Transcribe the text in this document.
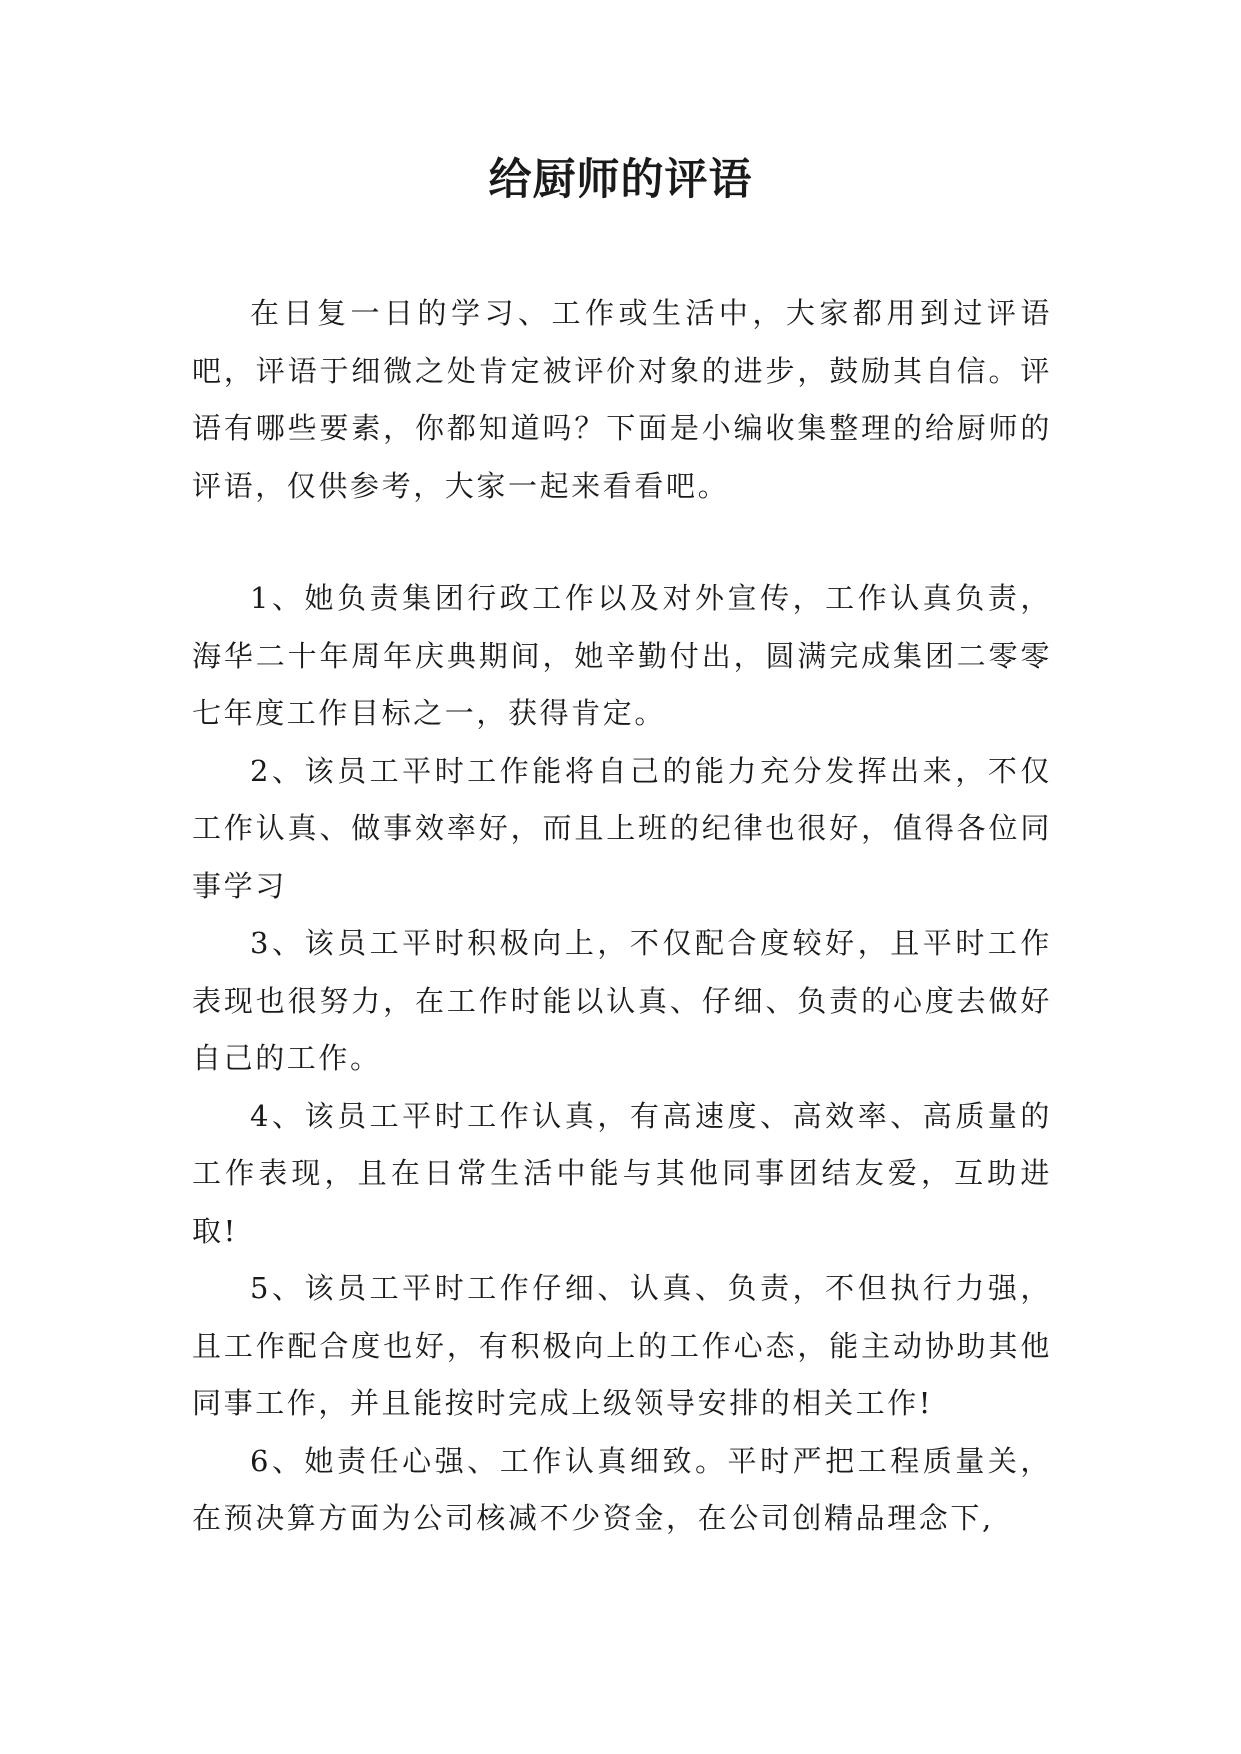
给厨师的评语

在日复一日的学习、工作或生活中，大家都用到过评语吧，评语于细微之处肯定被评价对象的进步，鼓励其自信。评语有哪些要素，你都知道吗？下面是小编收集整理的给厨师的评语，仅供参考，大家一起来看看吧。

1、她负责集团行政工作以及对外宣传，工作认真负责，海华二十年周年庆典期间，她辛勤付出，圆满完成集团二零零七年度工作目标之一，获得肯定。

2、该员工平时工作能将自己的能力充分发挥出来，不仅工作认真、做事效率好，而且上班的纪律也很好，值得各位同事学习

3、该员工平时积极向上，不仅配合度较好，且平时工作表现也很努力，在工作时能以认真、仔细、负责的心度去做好自己的工作。

4、该员工平时工作认真，有高速度、高效率、高质量的工作表现，且在日常生活中能与其他同事团结友爱，互助进取!

5、该员工平时工作仔细、认真、负责，不但执行力强，且工作配合度也好，有积极向上的工作心态，能主动协助其他同事工作，并且能按时完成上级领导安排的相关工作!

6、她责任心强、工作认真细致。平时严把工程质量关，在预决算方面为公司核减不少资金，在公司创精品理念下,
